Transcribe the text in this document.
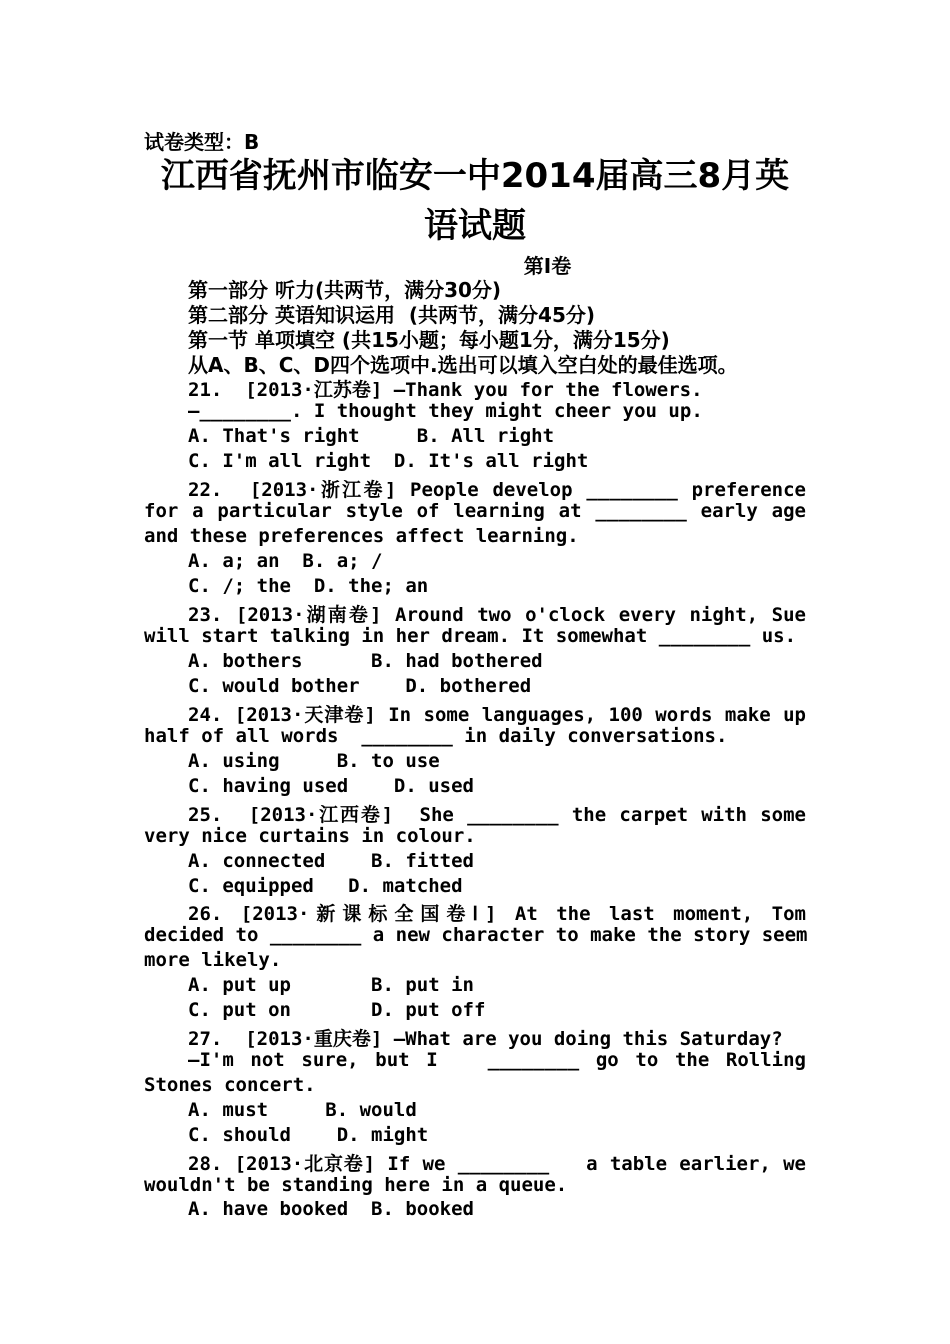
试卷类型：B
江西省抚州市临安一中2014届高三8月英
语试题
第Ⅰ卷
第一部分 听力(共两节，满分30分)
第二部分 英语知识运用  (共两节，满分45分)
第一节 单项填空 (共15小题；每小题1分，满分15分)
从A、B、C、D四个选项中.选出可以填入空白处的最佳选项。
21.  [2013·江苏卷] —Thank you for the flowers.
—________. I thought they might cheer you up.
A. That's right     B. All right
C. I'm all right  D. It's all right
22.  [2013·浙江卷] People develop ________ preference
for a particular style of learning at ________ early age
and these preferences affect learning.
A. a; an  B. a; /
C. /; the  D. the; an
23. [2013·湖南卷] Around two o'clock every night, Sue
will start talking in her dream. It somewhat ________ us.
A. bothers      B. had bothered
C. would bother    D. bothered
24. [2013·天津卷] In some languages, 100 words make up
half of all words  ________ in daily conversations.
A. using     B. to use
C. having used    D. used
25.  [2013·江西卷]  She ________ the carpet with some
very nice curtains in colour.
A. connected    B. fitted
C. equipped   D. matched
26. [2013·新课标全国卷Ⅰ] At the last moment, Tom
decided to ________ a new character to make the story seem
more likely.
A. put up       B. put in
C. put on       D. put off
27.  [2013·重庆卷] —What are you doing this Saturday?
—I'm not sure, but I   ________ go to the Rolling
Stones concert.
A. must     B. would
C. should    D. might
28. [2013·北京卷] If we ________   a table earlier, we
wouldn't be standing here in a queue.
A. have booked  B. booked
